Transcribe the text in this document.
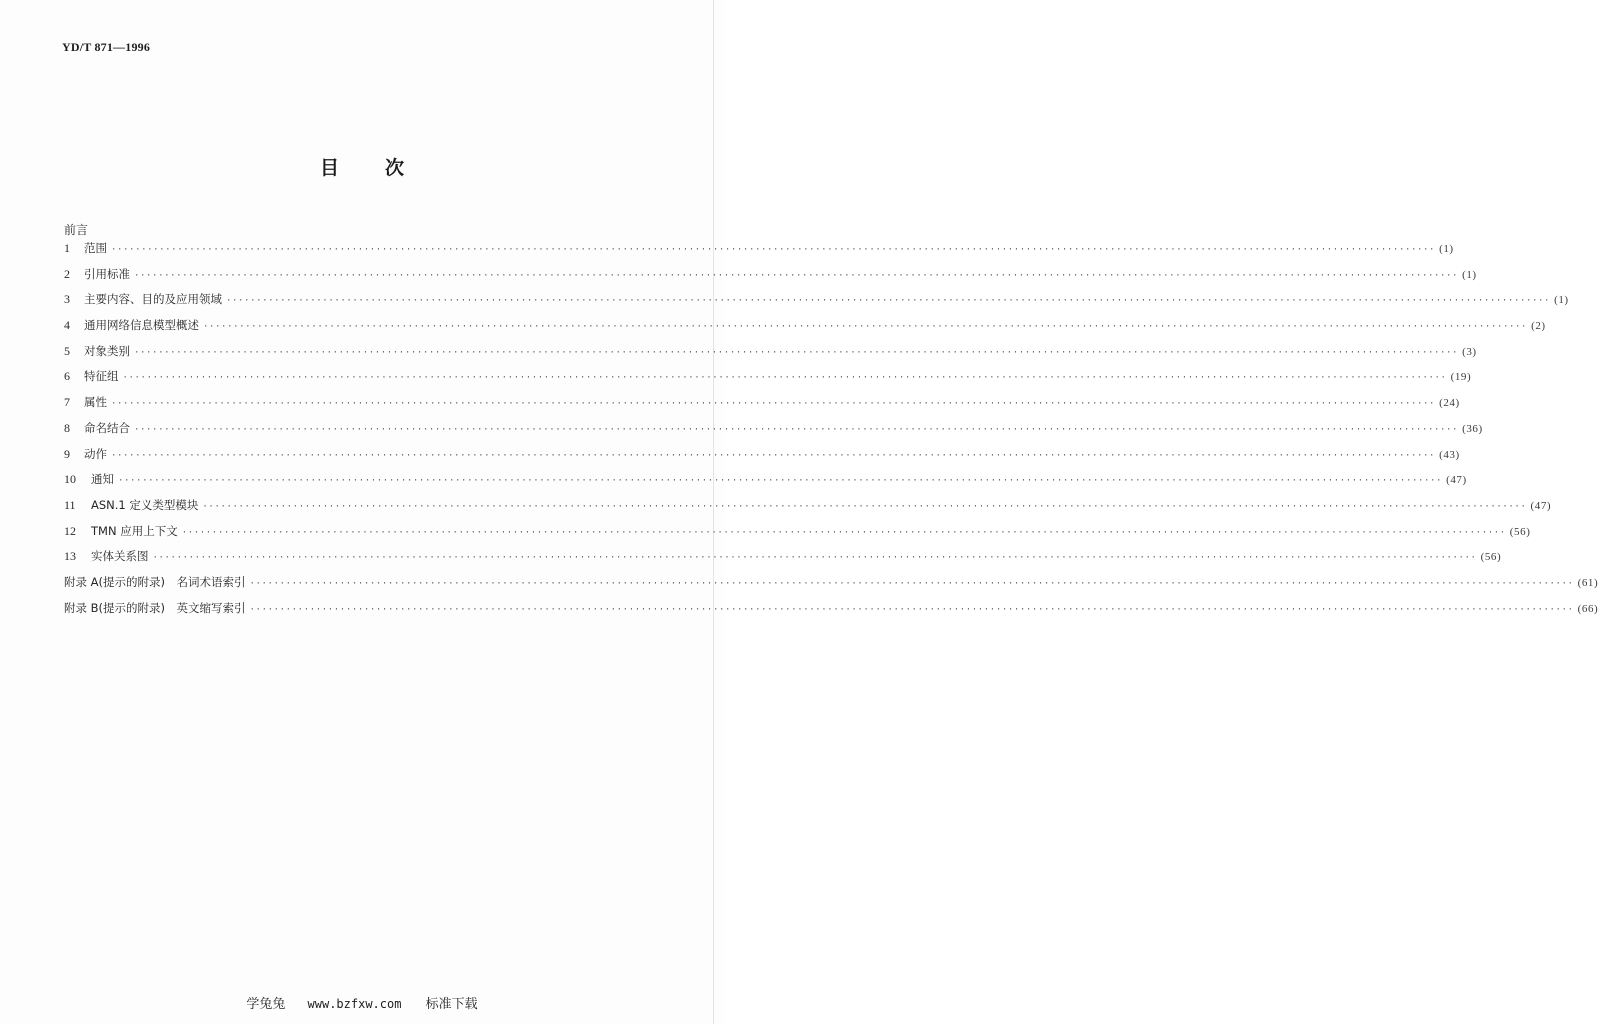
YD/T 871—1996
目次
前言
1	范围 ···························································································································································································································· (1)
2	引用标准 ···························································································································································································································· (1)
3	主要内容、目的及应用领域 ···························································································································································································································· (1)
4	通用网络信息模型概述 ···························································································································································································································· (2)
5	对象类别 ···························································································································································································································· (3)
6	特征组 ···························································································································································································································· (19)
7	属性 ···························································································································································································································· (24)
8	命名结合 ···························································································································································································································· (36)
9	动作 ···························································································································································································································· (43)
10	通知 ···························································································································································································································· (47)
11	ASN.1 定义类型模块 ···························································································································································································································· (47)
12	TMN 应用上下文 ···························································································································································································································· (56)
13	实体关系图 ···························································································································································································································· (56)
附录 A(提示的附录)　名词术语索引 ···························································································································································································································· (61)
附录 B(提示的附录)　英文缩写索引 ···························································································································································································································· (66)
学兔兔 www.bzfxw.com 标准下载
